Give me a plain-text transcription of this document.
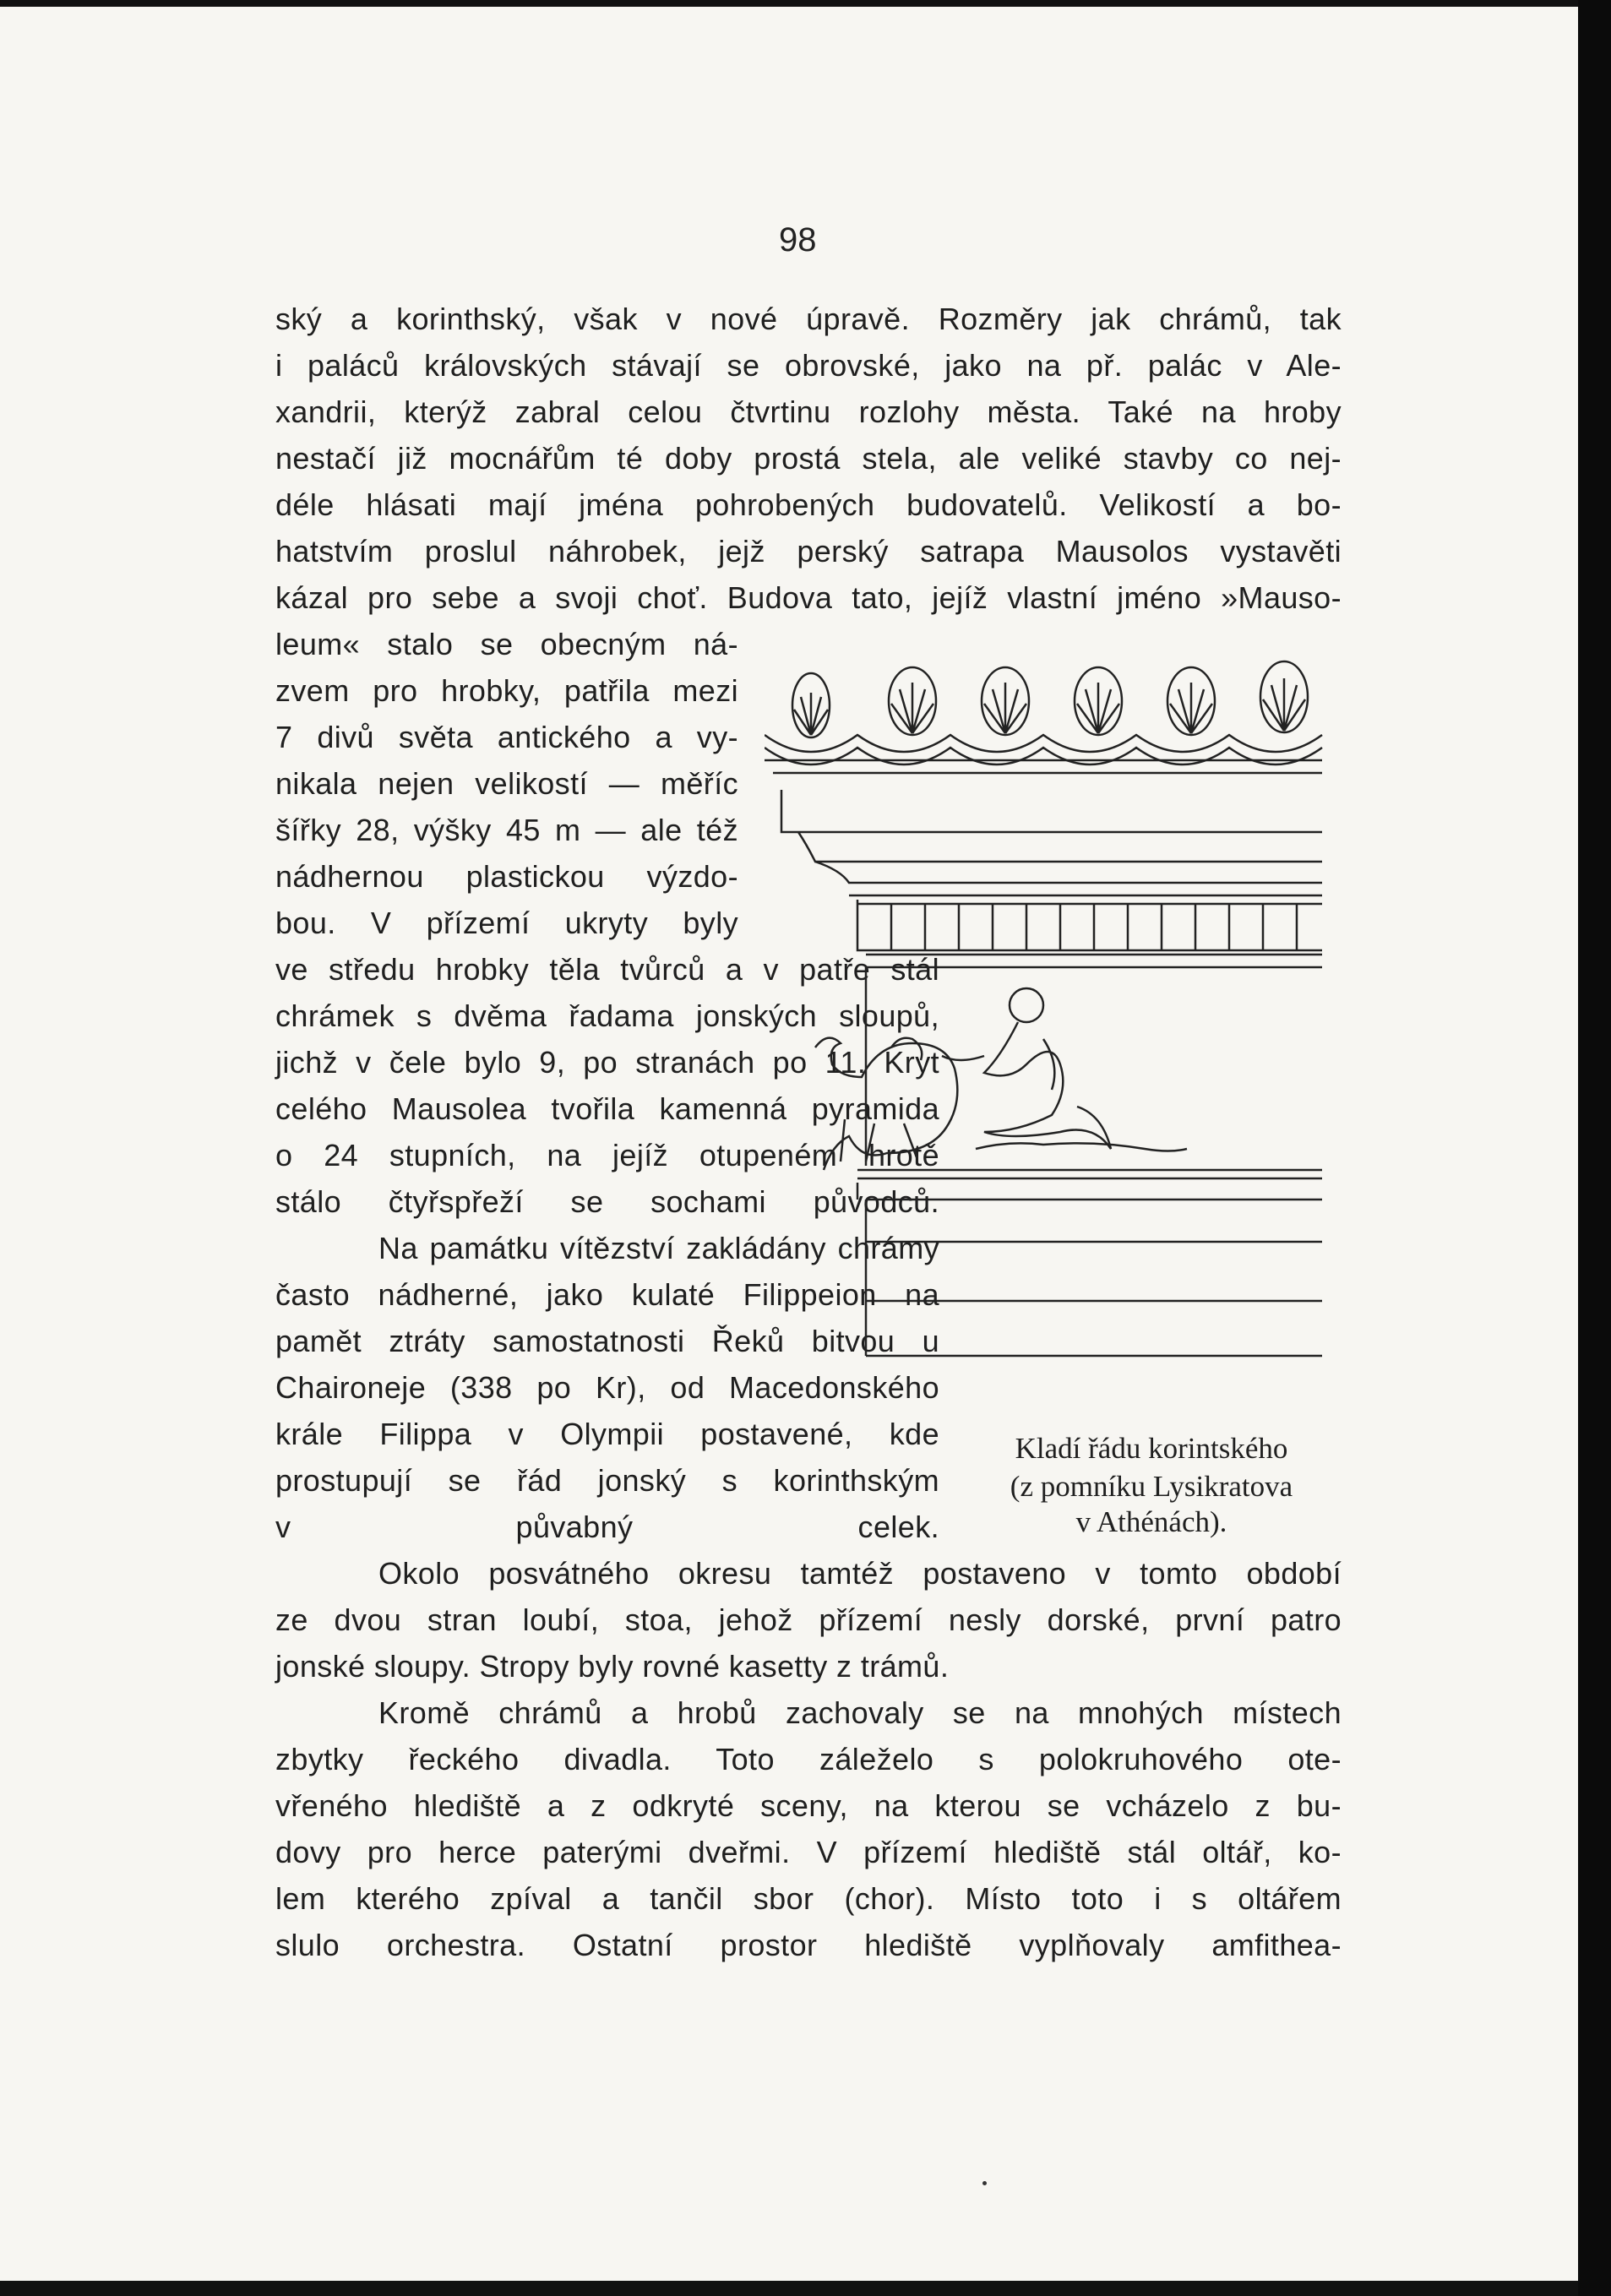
98
ský a korinthský, však v nové úpravě. Rozměry jak chrámů, tak
i paláců královských stávají se obrovské, jako na př. palác v Ale-
xandrii, kterýž zabral celou čtvrtinu rozlohy města. Také na hroby
nestačí již mocnářům té doby prostá stela, ale veliké stavby co nej-
déle hlásati mají jména pohrobených budovatelů. Velikostí a bo-
hatstvím proslul náhrobek, jejž perský satrapa Mausolos vystavěti
kázal pro sebe a svoji choť. Budova tato, jejíž vlastní jméno »Mauso-
leum« stalo se obecným ná-
zvem pro hrobky, patřila mezi
7 divů světa antického a vy-
nikala nejen velikostí — měříc
šířky 28, výšky 45 m — ale též
nádhernou plastickou výzdo-
bou. V přízemí ukryty byly
ve středu hrobky těla tvůrců a v patře stál
chrámek s dvěma řadama jonských sloupů,
jichž v čele bylo 9, po stranách po 11. Kryt
celého Mausolea tvořila kamenná pyramida
o 24 stupních, na jejíž otupeném hrotě
stálo čtyřspřeží se sochami původců.
Na památku vítězství zakládány chrámy
často nádherné, jako kulaté Filippeion na
pamět ztráty samostatnosti Řeků bitvou u
Chaironeje (338 po Kr), od Macedonského
krále Filippa v Olympii postavené, kde
prostupují se řád jonský s korinthským
v půvabný celek.
Okolo posvátného okresu tamtéž postaveno v tomto období
ze dvou stran loubí, stoa, jehož přízemí nesly dorské, první patro
jonské sloupy. Stropy byly rovné kasetty z trámů.
Kromě chrámů a hrobů zachovaly se na mnohých místech
zbytky řeckého divadla. Toto záleželo s polokruhového ote-
vřeného hlediště a z odkryté sceny, na kterou se vcházelo z bu-
dovy pro herce paterými dveřmi. V přízemí hlediště stál oltář, ko-
lem kterého zpíval a tančil sbor (chor). Místo toto i s oltářem
slulo orchestra. Ostatní prostor hlediště vyplňovaly amfithea-
Kladí řádu korintského
(z pomníku Lysikratova
v Athénách).
